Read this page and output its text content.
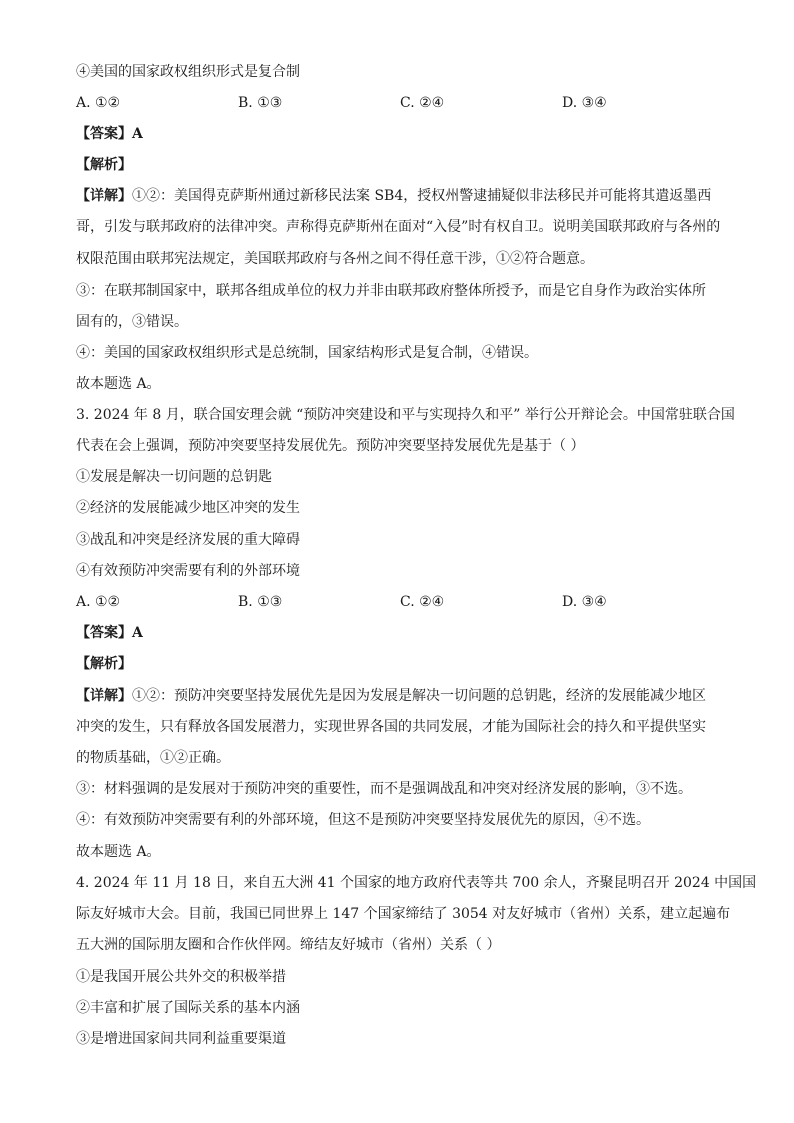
④美国的国家政权组织形式是复合制
A. ①②	B. ①③	C. ②④	D. ③④
【答案】A
【解析】
【详解】①②：美国得克萨斯州通过新移民法案 SB4，授权州警逮捕疑似非法移民并可能将其遣返墨西
哥，引发与联邦政府的法律冲突。声称得克萨斯州在面对“入侵”时有权自卫。说明美国联邦政府与各州的
权限范围由联邦宪法规定，美国联邦政府与各州之间不得任意干涉，①②符合题意。
③：在联邦制国家中，联邦各组成单位的权力并非由联邦政府整体所授予，而是它自身作为政治实体所
固有的，③错误。
④：美国的国家政权组织形式是总统制，国家结构形式是复合制，④错误。
故本题选 A。
3. 2024 年 8 月，联合国安理会就 “预防冲突建设和平与实现持久和平” 举行公开辩论会。中国常驻联合国
代表在会上强调，预防冲突要坚持发展优先。预防冲突要坚持发展优先是基于（ ）
①发展是解决一切问题的总钥匙
②经济的发展能减少地区冲突的发生
③战乱和冲突是经济发展的重大障碍
④有效预防冲突需要有利的外部环境
A. ①②	B. ①③	C. ②④	D. ③④
【答案】A
【解析】
【详解】①②：预防冲突要坚持发展优先是因为发展是解决一切问题的总钥匙，经济的发展能减少地区
冲突的发生，只有释放各国发展潜力，实现世界各国的共同发展，才能为国际社会的持久和平提供坚实
的物质基础，①②正确。
③：材料强调的是发展对于预防冲突的重要性，而不是强调战乱和冲突对经济发展的影响，③不选。
④：有效预防冲突需要有利的外部环境，但这不是预防冲突要坚持发展优先的原因，④不选。
故本题选 A。
4. 2024 年 11 月 18 日，来自五大洲 41 个国家的地方政府代表等共 700 余人，齐聚昆明召开 2024 中国国
际友好城市大会。目前，我国已同世界上 147 个国家缔结了 3054 对友好城市（省州）关系，建立起遍布
五大洲的国际朋友圈和合作伙伴网。缔结友好城市（省州）关系（ ）
①是我国开展公共外交的积极举措
②丰富和扩展了国际关系的基本内涵
③是增进国家间共同利益重要渠道
